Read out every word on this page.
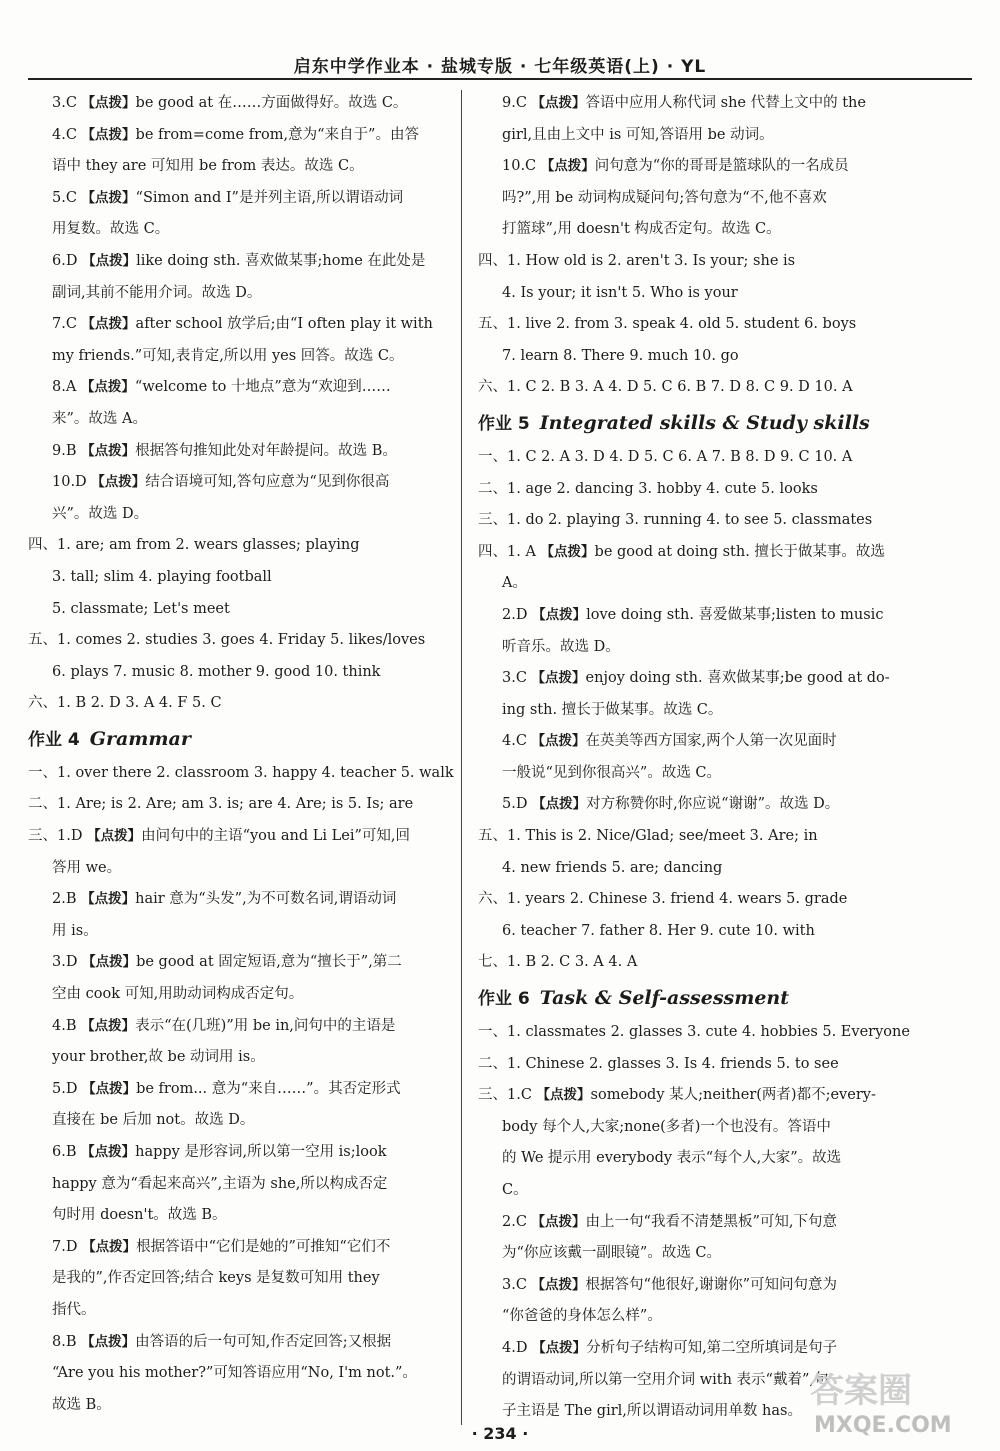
启东中学作业本 · 盐城专版 · 七年级英语(上) · YL
3.C 【点拨】be good at 在……方面做得好。故选 C。
4.C 【点拨】be from=come from,意为“来自于”。由答
语中 they are 可知用 be from 表达。故选 C。
5.C 【点拨】“Simon and I”是并列主语,所以谓语动词
用复数。故选 C。
6.D 【点拨】like doing sth. 喜欢做某事;home 在此处是
副词,其前不能用介词。故选 D。
7.C 【点拨】after school 放学后;由“I often play it with
my friends.”可知,表肯定,所以用 yes 回答。故选 C。
8.A 【点拨】“welcome to 十地点”意为“欢迎到……
来”。故选 A。
9.B 【点拨】根据答句推知此处对年龄提问。故选 B。
10.D 【点拨】结合语境可知,答句应意为“见到你很高
兴”。故选 D。
四、1. are; am from 2. wears glasses; playing
3. tall; slim 4. playing football
5. classmate; Let's meet
五、1. comes 2. studies 3. goes 4. Friday 5. likes/loves
6. plays 7. music 8. mother 9. good 10. think
六、1. B 2. D 3. A 4. F 5. C
作业 4 Grammar
一、1. over there 2. classroom 3. happy 4. teacher 5. walk
二、1. Are; is 2. Are; am 3. is; are 4. Are; is 5. Is; are
三、1.D 【点拨】由问句中的主语“you and Li Lei”可知,回
答用 we。
2.B 【点拨】hair 意为“头发”,为不可数名词,谓语动词
用 is。
3.D 【点拨】be good at 固定短语,意为“擅长于”,第二
空由 cook 可知,用助动词构成否定句。
4.B 【点拨】表示“在(几班)”用 be in,问句中的主语是
your brother,故 be 动词用 is。
5.D 【点拨】be from... 意为“来自……”。其否定形式
直接在 be 后加 not。故选 D。
6.B 【点拨】happy 是形容词,所以第一空用 is;look
happy 意为“看起来高兴”,主语为 she,所以构成否定
句时用 doesn't。故选 B。
7.D 【点拨】根据答语中“它们是她的”可推知“它们不
是我的”,作否定回答;结合 keys 是复数可知用 they
指代。
8.B 【点拨】由答语的后一句可知,作否定回答;又根据
“Are you his mother?”可知答语应用“No, I'm not.”。
故选 B。
9.C 【点拨】答语中应用人称代词 she 代替上文中的 the
girl,且由上文中 is 可知,答语用 be 动词。
10.C 【点拨】问句意为“你的哥哥是篮球队的一名成员
吗?”,用 be 动词构成疑问句;答句意为“不,他不喜欢
打篮球”,用 doesn't 构成否定句。故选 C。
四、1. How old is 2. aren't 3. Is your; she is
4. Is your; it isn't 5. Who is your
五、1. live 2. from 3. speak 4. old 5. student 6. boys
7. learn 8. There 9. much 10. go
六、1. C 2. B 3. A 4. D 5. C 6. B 7. D 8. C 9. D 10. A
作业 5 Integrated skills & Study skills
一、1. C 2. A 3. D 4. D 5. C 6. A 7. B 8. D 9. C 10. A
二、1. age 2. dancing 3. hobby 4. cute 5. looks
三、1. do 2. playing 3. running 4. to see 5. classmates
四、1. A 【点拨】be good at doing sth. 擅长于做某事。故选
A。
2.D 【点拨】love doing sth. 喜爱做某事;listen to music
听音乐。故选 D。
3.C 【点拨】enjoy doing sth. 喜欢做某事;be good at do-
ing sth. 擅长于做某事。故选 C。
4.C 【点拨】在英美等西方国家,两个人第一次见面时
一般说“见到你很高兴”。故选 C。
5.D 【点拨】对方称赞你时,你应说“谢谢”。故选 D。
五、1. This is 2. Nice/Glad; see/meet 3. Are; in
4. new friends 5. are; dancing
六、1. years 2. Chinese 3. friend 4. wears 5. grade
6. teacher 7. father 8. Her 9. cute 10. with
七、1. B 2. C 3. A 4. A
作业 6 Task & Self-assessment
一、1. classmates 2. glasses 3. cute 4. hobbies 5. Everyone
二、1. Chinese 2. glasses 3. Is 4. friends 5. to see
三、1.C 【点拨】somebody 某人;neither(两者)都不;every-
body 每个人,大家;none(多者)一个也没有。答语中
的 We 提示用 everybody 表示“每个人,大家”。故选
C。
2.C 【点拨】由上一句“我看不清楚黑板”可知,下句意
为“你应该戴一副眼镜”。故选 C。
3.C 【点拨】根据答句“他很好,谢谢你”可知问句意为
“你爸爸的身体怎么样”。
4.D 【点拨】分析句子结构可知,第二空所填词是句子
的谓语动词,所以第一空用介词 with 表示“戴着”,句
子主语是 The girl,所以谓语动词用单数 has。
· 234 ·
答案圈
MXQE.COM
